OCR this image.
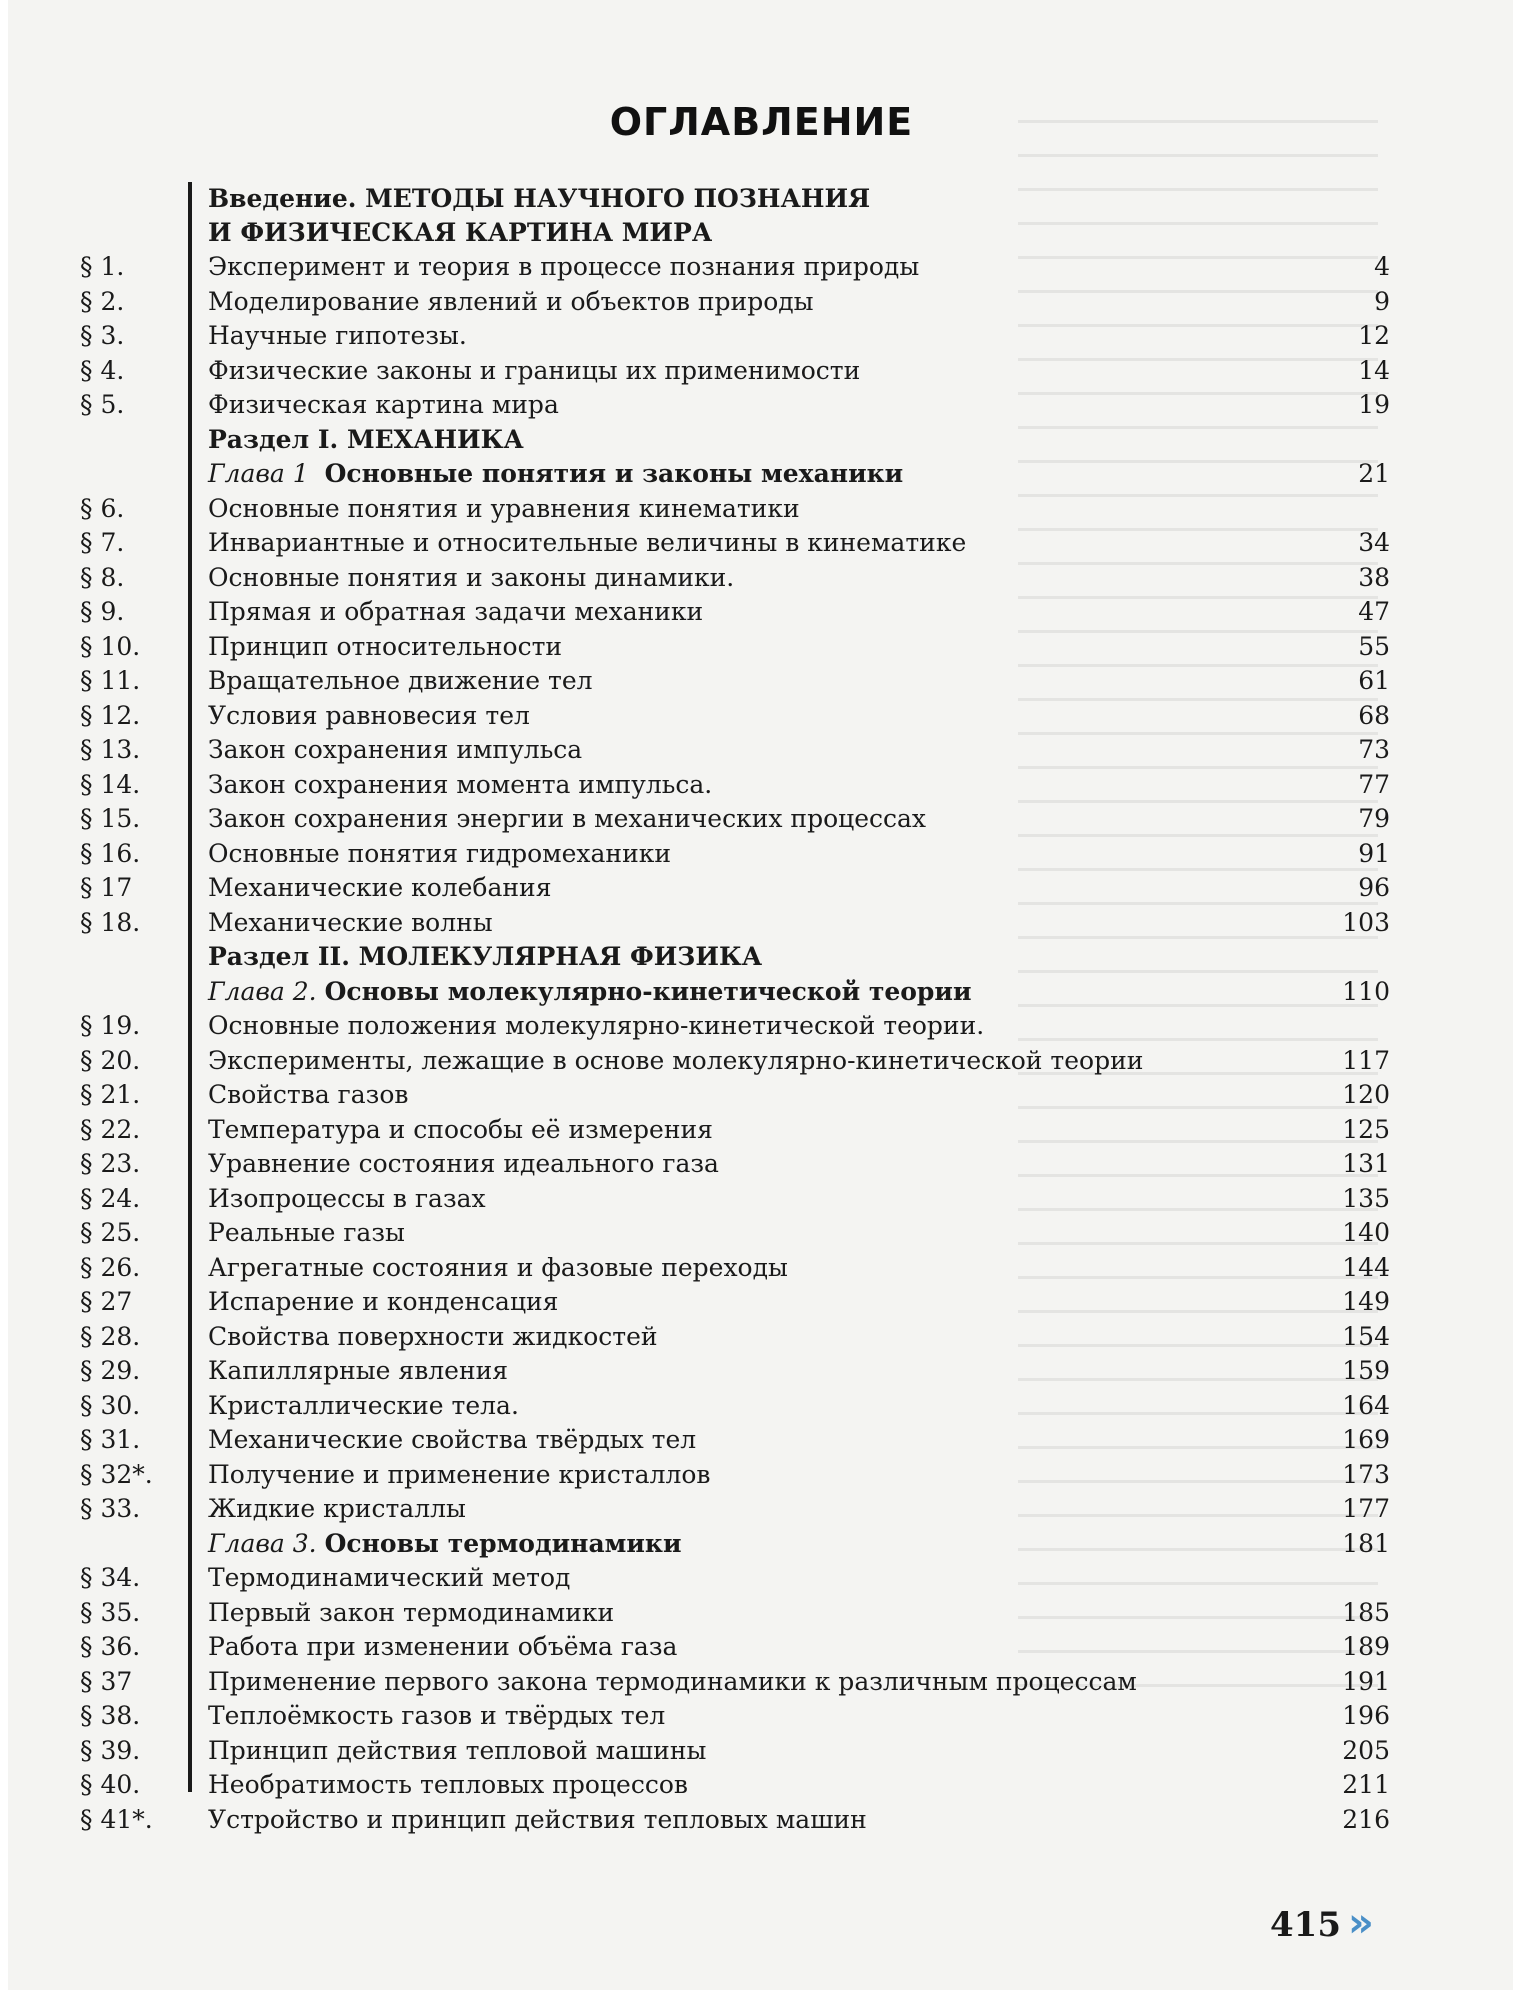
ОГЛАВЛЕНИЕ
Введение. МЕТОДЫ НАУЧНОГО ПОЗНАНИЯ
И ФИЗИЧЕСКАЯ КАРТИНА МИРА
§ 1.	Эксперимент и теория в процессе познания природы	4
§ 2.	Моделирование явлений и объектов природы	9
§ 3.	Научные гипотезы.	12
§ 4.	Физические законы и границы их применимости	14
§ 5.	Физическая картина мира	19
Раздел I. МЕХАНИКА
Глава 1 Основные понятия и законы механики	21
§ 6.	Основные понятия и уравнения кинематики
§ 7.	Инвариантные и относительные величины в кинематике	34
§ 8.	Основные понятия и законы динамики.	38
§ 9.	Прямая и обратная задачи механики	47
§ 10.	Принцип относительности	55
§ 11.	Вращательное движение тел	61
§ 12.	Условия равновесия тел	68
§ 13.	Закон сохранения импульса	73
§ 14.	Закон сохранения момента импульса.	77
§ 15.	Закон сохранения энергии в механических процессах	79
§ 16.	Основные понятия гидромеханики	91
§ 17	Механические колебания	96
§ 18.	Механические волны	103
Раздел II. МОЛЕКУЛЯРНАЯ ФИЗИКА
Глава 2. Основы молекулярно-кинетической теории	110
§ 19.	Основные положения молекулярно-кинетической теории.
§ 20.	Эксперименты, лежащие в основе молекулярно-кинетической теории	117
§ 21.	Свойства газов	120
§ 22.	Температура и способы её измерения	125
§ 23.	Уравнение состояния идеального газа	131
§ 24.	Изопроцессы в газах	135
§ 25.	Реальные газы	140
§ 26.	Агрегатные состояния и фазовые переходы	144
§ 27	Испарение и конденсация	149
§ 28.	Свойства поверхности жидкостей	154
§ 29.	Капиллярные явления	159
§ 30.	Кристаллические тела.	164
§ 31.	Механические свойства твёрдых тел	169
§ 32*. Получение и применение кристаллов	173
§ 33.	Жидкие кристаллы	177
Глава 3. Основы термодинамики	181
§ 34.	Термодинамический метод
§ 35.	Первый закон термодинамики	185
§ 36.	Работа при изменении объёма газа	189
§ 37	Применение первого закона термодинамики к различным процессам	191
§ 38.	Теплоёмкость газов и твёрдых тел	196
§ 39.	Принцип действия тепловой машины	205
§ 40.	Необратимость тепловых процессов	211
§ 41*. Устройство и принцип действия тепловых машин	216
415 »
